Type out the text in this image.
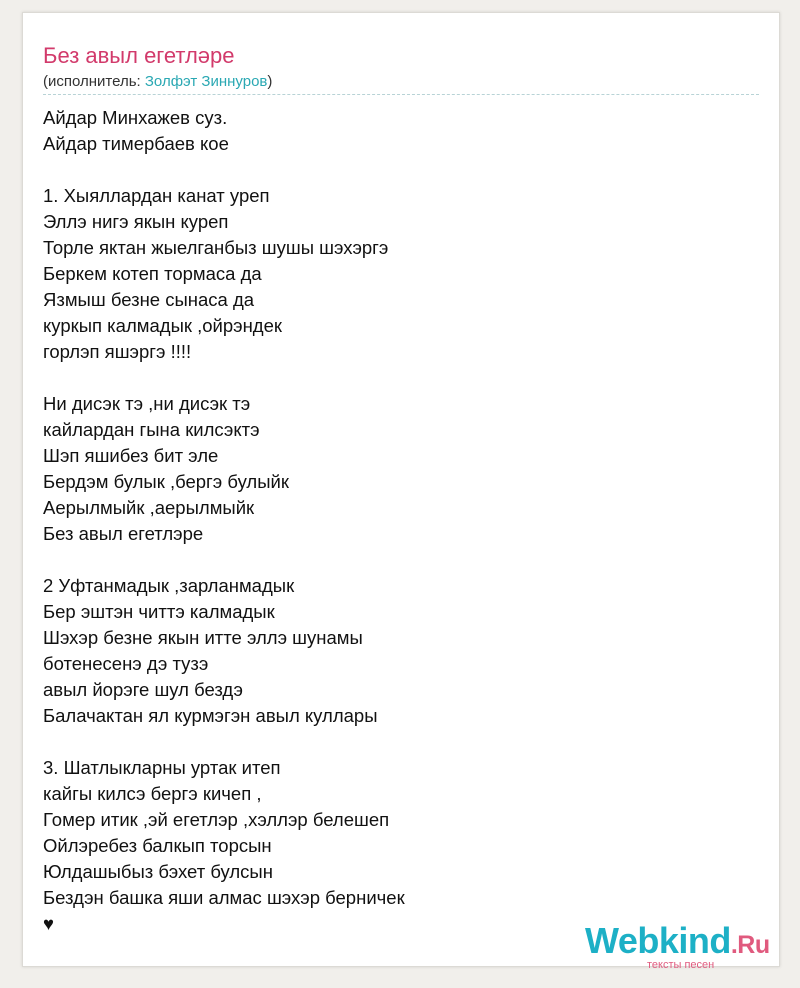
Без авыл егетләре
(исполнитель: Золфэт Зиннуров)
Айдар Минхажев суз.
Айдар тимербаев кое
1. Хыяллардан канат уреп
Эллэ нигэ якын куреп
Торле яктан жыелганбыз шушы шэхэргэ
Беркем котеп тормаса да
Язмыш безне сынаса да
куркып калмадык ,ойрэндек
горлэп яшэргэ !!!!
Ни дисэк тэ ,ни дисэк тэ
кайлардан гына килсэктэ
Шэп яшибез бит эле
Бердэм булык ,бергэ булыйк
Аерылмыйк ,аерылмыйк
Без авыл егетлэре
2 Уфтанмадык ,зарланмадык
Бер эштэн читтэ калмадык
Шэхэр безне якын итте эллэ шунамы
ботенесенэ дэ тузэ
авыл йорэге шул бездэ
Балачактан ял курмэгэн авыл куллары
3. Шатлыкларны уртак итеп
кайгы килсэ бергэ кичеп ,
Гомер итик ,эй егетлэр ,хэллэр белешеп
Ойлэребез балкып торсын
Юлдашыбыз бэхет булсын
Бездэн башка яши алмас шэхэр берничек
♥	Webkind.Ru
тексты песен
